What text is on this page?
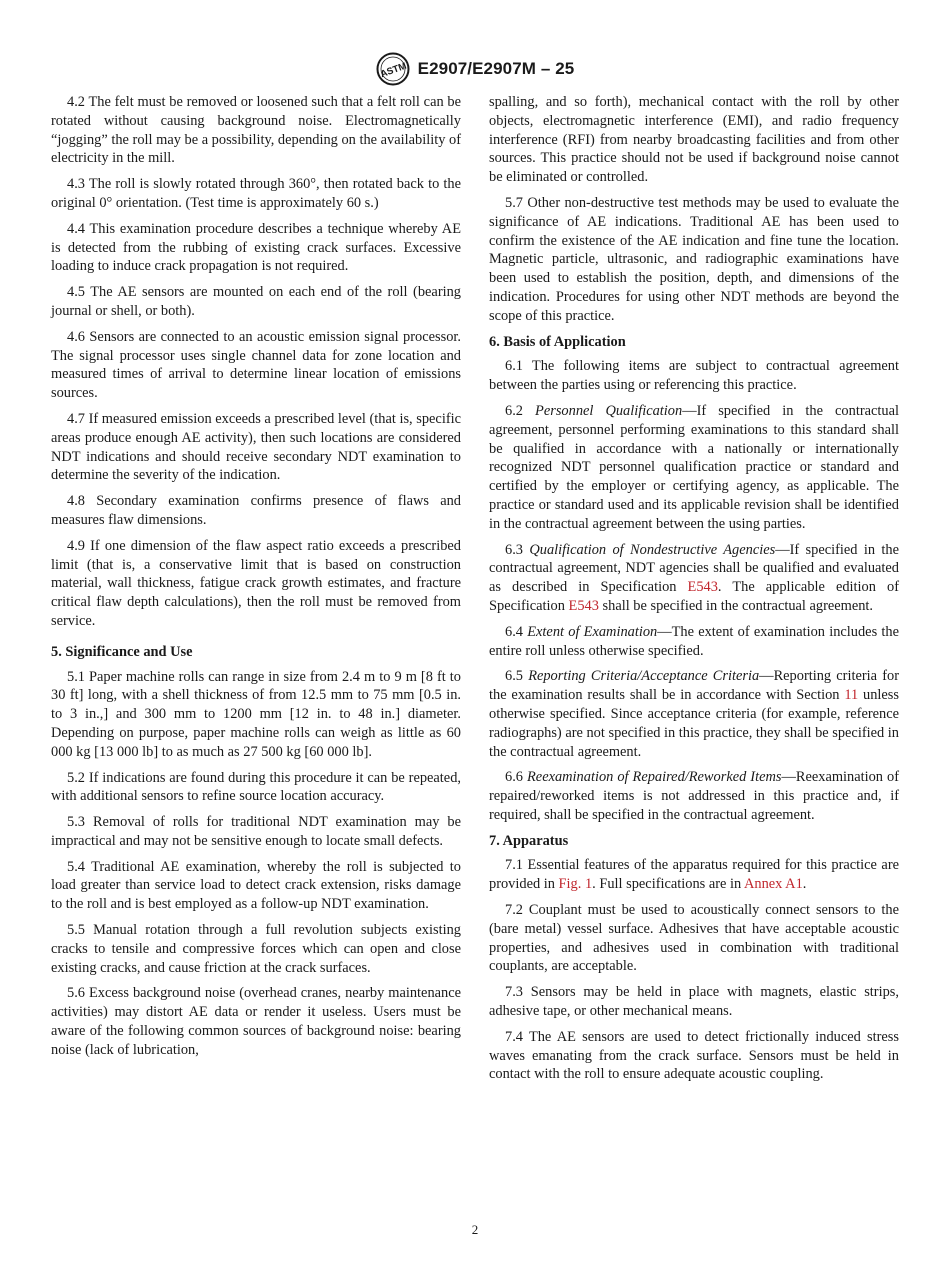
ASTM E2907/E2907M – 25

4.2 The felt must be removed or loosened such that a felt roll can be rotated without causing background noise. Electromagnetically “jogging” the roll may be a possibility, depending on the availability of electricity in the mill.

4.3 The roll is slowly rotated through 360°, then rotated back to the original 0° orientation. (Test time is approximately 60 s.)

4.4 This examination procedure describes a technique whereby AE is detected from the rubbing of existing crack surfaces. Excessive loading to induce crack propagation is not required.

4.5 The AE sensors are mounted on each end of the roll (bearing journal or shell, or both).

4.6 Sensors are connected to an acoustic emission signal processor. The signal processor uses single channel data for zone location and measured times of arrival to determine linear location of emissions sources.

4.7 If measured emission exceeds a prescribed level (that is, specific areas produce enough AE activity), then such locations are considered NDT indications and should receive secondary NDT examination to determine the severity of the indication.

4.8 Secondary examination confirms presence of flaws and measures flaw dimensions.

4.9 If one dimension of the flaw aspect ratio exceeds a prescribed limit (that is, a conservative limit that is based on construction material, wall thickness, fatigue crack growth estimates, and fracture critical flaw depth calculations), then the roll must be removed from service.

5. Significance and Use

5.1 Paper machine rolls can range in size from 2.4 m to 9 m [8 ft to 30 ft] long, with a shell thickness of from 12.5 mm to 75 mm [0.5 in. to 3 in.,] and 300 mm to 1200 mm [12 in. to 48 in.] diameter. Depending on purpose, paper machine rolls can weigh as little as 60 000 kg [13 000 lb] to as much as 27 500 kg [60 000 lb].

5.2 If indications are found during this procedure it can be repeated, with additional sensors to refine source location accuracy.

5.3 Removal of rolls for traditional NDT examination may be impractical and may not be sensitive enough to locate small defects.

5.4 Traditional AE examination, whereby the roll is subjected to load greater than service load to detect crack extension, risks damage to the roll and is best employed as a follow-up NDT examination.

5.5 Manual rotation through a full revolution subjects existing cracks to tensile and compressive forces which can open and close existing cracks, and cause friction at the crack surfaces.

5.6 Excess background noise (overhead cranes, nearby maintenance activities) may distort AE data or render it useless. Users must be aware of the following common sources of background noise: bearing noise (lack of lubrication,

spalling, and so forth), mechanical contact with the roll by other objects, electromagnetic interference (EMI), and radio frequency interference (RFI) from nearby broadcasting facilities and from other sources. This practice should not be used if background noise cannot be eliminated or controlled.

5.7 Other non-destructive test methods may be used to evaluate the significance of AE indications. Traditional AE has been used to confirm the existence of the AE indication and fine tune the location. Magnetic particle, ultrasonic, and radiographic examinations have been used to establish the position, depth, and dimensions of the indication. Procedures for using other NDT methods are beyond the scope of this practice.

6. Basis of Application

6.1 The following items are subject to contractual agreement between the parties using or referencing this practice.

6.2 Personnel Qualification—If specified in the contractual agreement, personnel performing examinations to this standard shall be qualified in accordance with a nationally or internationally recognized NDT personnel qualification practice or standard and certified by the employer or certifying agency, as applicable. The practice or standard used and its applicable revision shall be identified in the contractual agreement between the using parties.

6.3 Qualification of Nondestructive Agencies—If specified in the contractual agreement, NDT agencies shall be qualified and evaluated as described in Specification E543. The applicable edition of Specification E543 shall be specified in the contractual agreement.

6.4 Extent of Examination—The extent of examination includes the entire roll unless otherwise specified.

6.5 Reporting Criteria/Acceptance Criteria—Reporting criteria for the examination results shall be in accordance with Section 11 unless otherwise specified. Since acceptance criteria (for example, reference radiographs) are not specified in this practice, they shall be specified in the contractual agreement.

6.6 Reexamination of Repaired/Reworked Items—Reexamination of repaired/reworked items is not addressed in this practice and, if required, shall be specified in the contractual agreement.

7. Apparatus

7.1 Essential features of the apparatus required for this practice are provided in Fig. 1. Full specifications are in Annex A1.

7.2 Couplant must be used to acoustically connect sensors to the (bare metal) vessel surface. Adhesives that have acceptable acoustic properties, and adhesives used in combination with traditional couplants, are acceptable.

7.3 Sensors may be held in place with magnets, elastic strips, adhesive tape, or other mechanical means.

7.4 The AE sensors are used to detect frictionally induced stress waves emanating from the crack surface. Sensors must be held in contact with the roll to ensure adequate acoustic coupling.

2
